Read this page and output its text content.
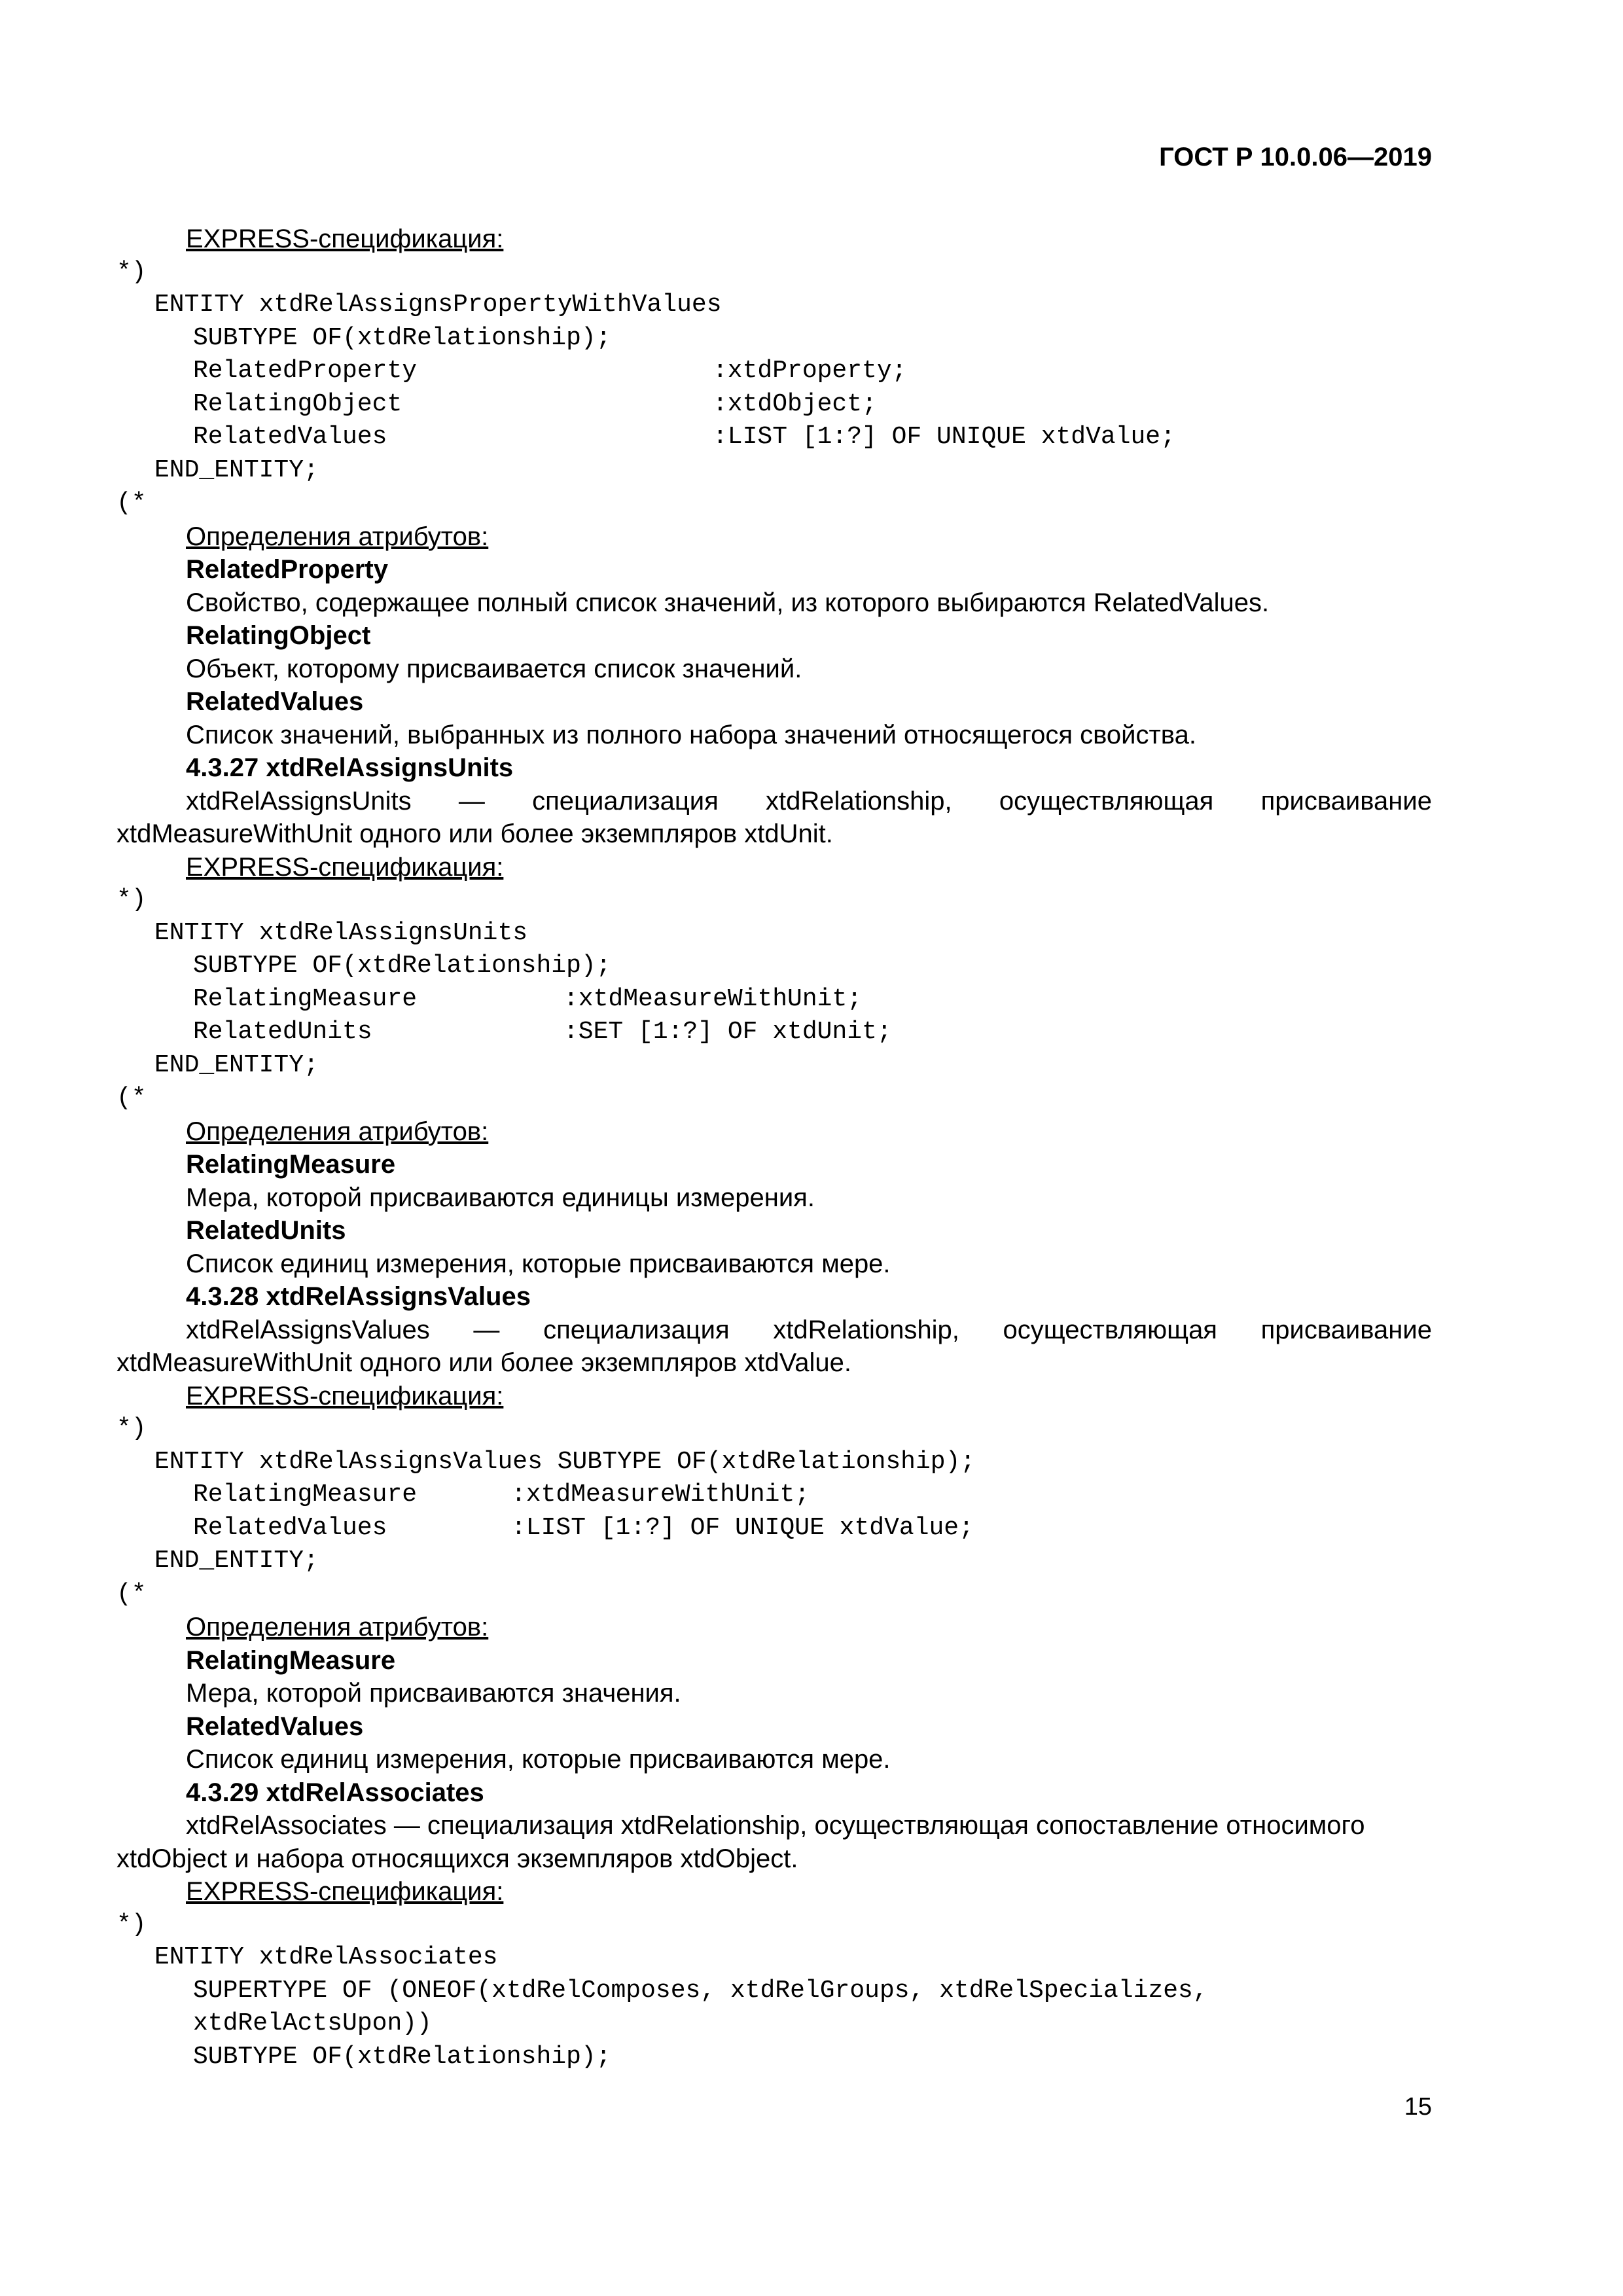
ГОСТ Р 10.0.06—2019
EXPRESS-спецификация:
*)
ENTITY xtdRelAssignsPropertyWithValues
SUBTYPE OF(xtdRelationship);
RelatedProperty	:xtdProperty;
RelatingObject	:xtdObject;
RelatedValues	:LIST [1:?] OF UNIQUE xtdValue;
END_ENTITY;
(*
Определения атрибутов:
RelatedProperty
Свойство, содержащее полный список значений, из которого выбираются RelatedValues.
RelatingObject
Объект, которому присваивается список значений.
RelatedValues
Список значений, выбранных из полного набора значений относящегося свойства.
4.3.27 xtdRelAssignsUnits
xtdRelAssignsUnits — специализация xtdRelationship, осуществляющая присваивание
xtdMeasureWithUnit одного или более экземпляров xtdUnit.
EXPRESS-спецификация:
*)
ENTITY xtdRelAssignsUnits
SUBTYPE OF(xtdRelationship);
RelatingMeasure	:xtdMeasureWithUnit;
RelatedUnits	:SET [1:?] OF xtdUnit;
END_ENTITY;
(*
Определения атрибутов:
RelatingMeasure
Мера, которой присваиваются единицы измерения.
RelatedUnits
Список единиц измерения, которые присваиваются мере.
4.3.28 xtdRelAssignsValues
xtdRelAssignsValues — специализация xtdRelationship, осуществляющая присваивание
xtdMeasureWithUnit одного или более экземпляров xtdValue.
EXPRESS-спецификация:
*)
ENTITY xtdRelAssignsValues SUBTYPE OF(xtdRelationship);
RelatingMeasure	:xtdMeasureWithUnit;
RelatedValues	:LIST [1:?] OF UNIQUE xtdValue;
END_ENTITY;
(*
Определения атрибутов:
RelatingMeasure
Мера, которой присваиваются значения.
RelatedValues
Список единиц измерения, которые присваиваются мере.
4.3.29 xtdRelAssociates
xtdRelAssociates — специализация xtdRelationship, осуществляющая сопоставление относимого
xtdObject и набора относящихся экземпляров xtdObject.
EXPRESS-спецификация:
*)
ENTITY xtdRelAssociates
SUPERTYPE OF (ONEOF(xtdRelComposes, xtdRelGroups, xtdRelSpecializes,
xtdRelActsUpon))
SUBTYPE OF(xtdRelationship);
15
